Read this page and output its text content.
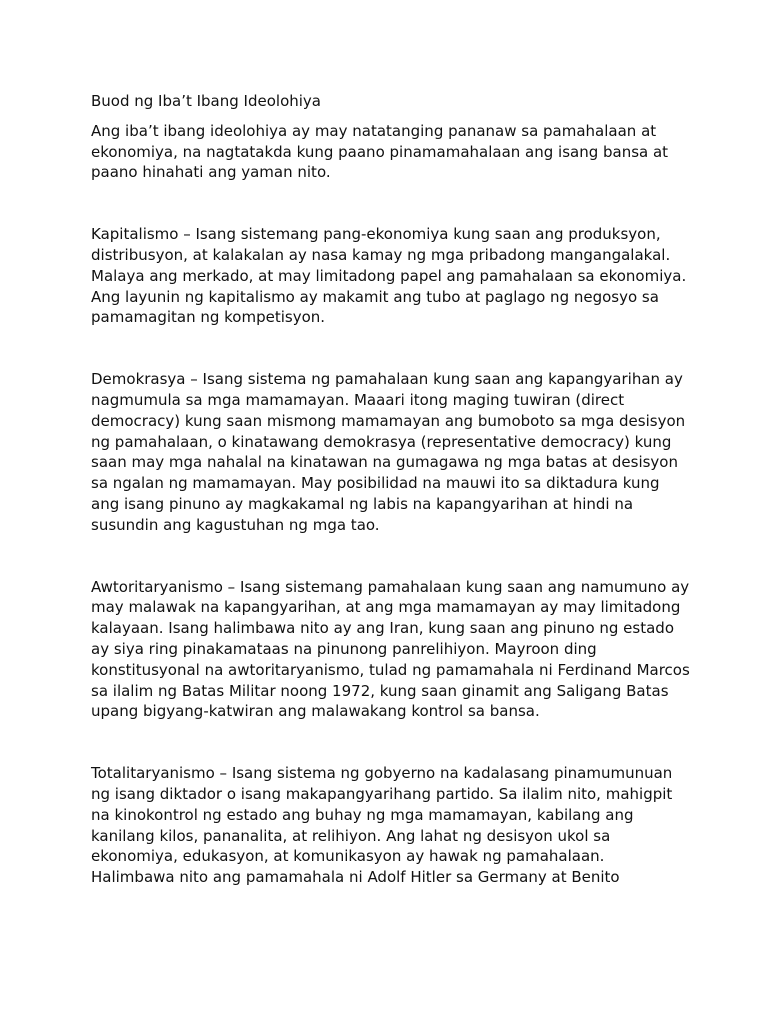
Buod ng Iba’t Ibang Ideolohiya

Ang iba’t ibang ideolohiya ay may natatanging pananaw sa pamahalaan at ekonomiya, na nagtatakda kung paano pinamamahalaan ang isang bansa at paano hinahati ang yaman nito.

Kapitalismo – Isang sistemang pang-ekonomiya kung saan ang produksyon, distribusyon, at kalakalan ay nasa kamay ng mga pribadong mangangalakal. Malaya ang merkado, at may limitadong papel ang pamahalaan sa ekonomiya. Ang layunin ng kapitalismo ay makamit ang tubo at paglago ng negosyo sa pamamagitan ng kompetisyon.

Demokrasya – Isang sistema ng pamahalaan kung saan ang kapangyarihan ay nagmumula sa mga mamamayan. Maaari itong maging tuwiran (direct democracy) kung saan mismong mamamayan ang bumoboto sa mga desisyon ng pamahalaan, o kinatawang demokrasya (representative democracy) kung saan may mga nahalal na kinatawan na gumagawa ng mga batas at desisyon sa ngalan ng mamamayan. May posibilidad na mauwi ito sa diktadura kung ang isang pinuno ay magkakamal ng labis na kapangyarihan at hindi na susundin ang kagustuhan ng mga tao.

Awtoritaryanismo – Isang sistemang pamahalaan kung saan ang namumuno ay may malawak na kapangyarihan, at ang mga mamamayan ay may limitadong kalayaan. Isang halimbawa nito ay ang Iran, kung saan ang pinuno ng estado ay siya ring pinakamataas na pinunong panrelihiyon. Mayroon ding konstitusyonal na awtoritaryanismo, tulad ng pamamahala ni Ferdinand Marcos sa ilalim ng Batas Militar noong 1972, kung saan ginamit ang Saligang Batas upang bigyang-katwiran ang malawakang kontrol sa bansa.

Totalitaryanismo – Isang sistema ng gobyerno na kadalasang pinamumunuan ng isang diktador o isang makapangyarihang partido. Sa ilalim nito, mahigpit na kinokontrol ng estado ang buhay ng mga mamamayan, kabilang ang kanilang kilos, pananalita, at relihiyon. Ang lahat ng desisyon ukol sa ekonomiya, edukasyon, at komunikasyon ay hawak ng pamahalaan. Halimbawa nito ang pamamahala ni Adolf Hitler sa Germany at Benito
